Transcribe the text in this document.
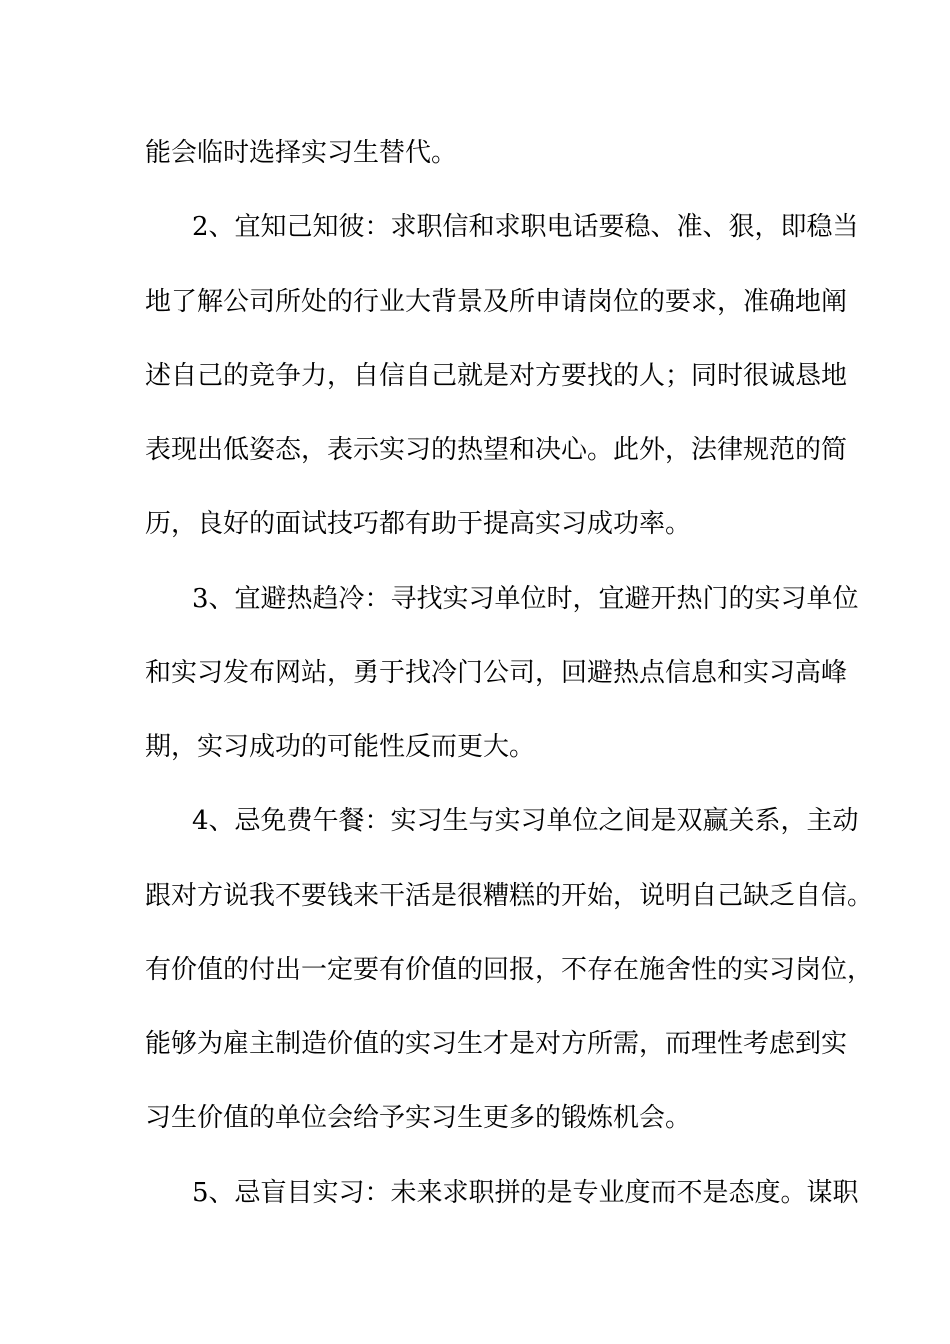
能会临时选择实习生替代。
2、宜知己知彼：求职信和求职电话要稳、准、狠，即稳当
地了解公司所处的行业大背景及所申请岗位的要求，准确地阐
述自己的竞争力，自信自己就是对方要找的人；同时很诚恳地
表现出低姿态，表示实习的热望和决心。此外，法律规范的简
历，良好的面试技巧都有助于提高实习成功率。
3、宜避热趋冷：寻找实习单位时，宜避开热门的实习单位
和实习发布网站，勇于找冷门公司，回避热点信息和实习高峰
期，实习成功的可能性反而更大。
4、忌免费午餐：实习生与实习单位之间是双赢关系，主动
跟对方说我不要钱来干活是很糟糕的开始，说明自己缺乏自信。
有价值的付出一定要有价值的回报，不存在施舍性的实习岗位，
能够为雇主制造价值的实习生才是对方所需，而理性考虑到实
习生价值的单位会给予实习生更多的锻炼机会。
5、忌盲目实习：未来求职拼的是专业度而不是态度。谋职
